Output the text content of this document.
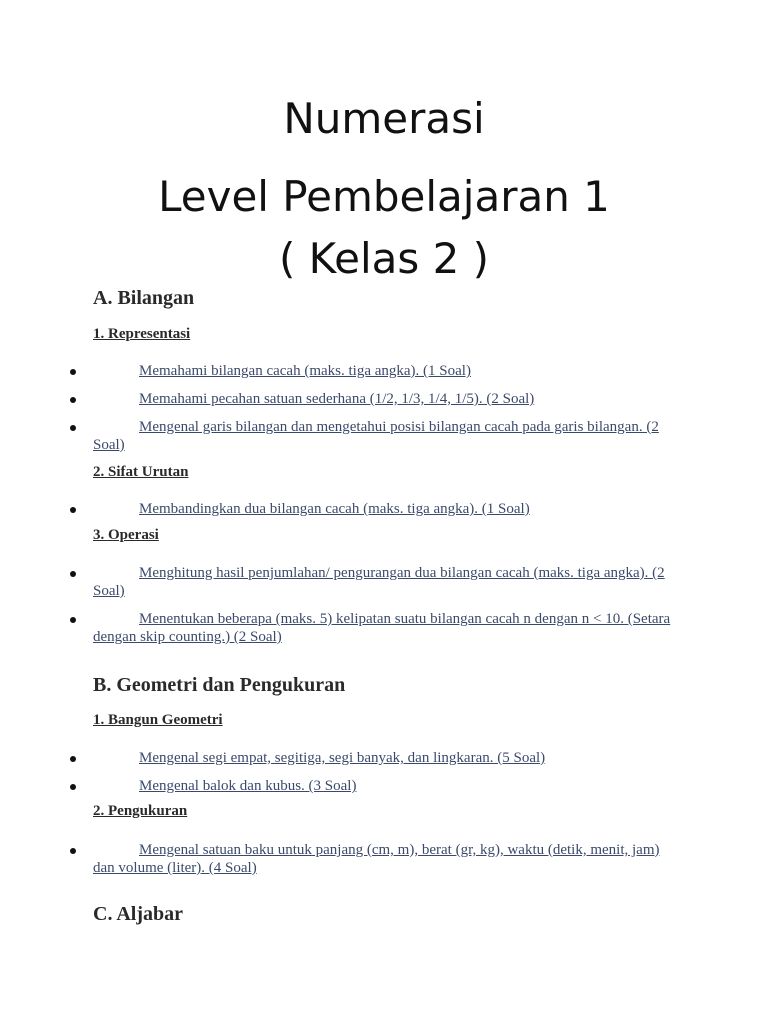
Numerasi
Level Pembelajaran 1
( Kelas 2 )
A. Bilangan
1. Representasi

Memahami bilangan cacah (maks. tiga angka). (1 Soal)

Memahami pecahan satuan sederhana (1/2, 1/3, 1/4, 1/5). (2 Soal)

Mengenal garis bilangan dan mengetahui posisi bilangan cacah pada garis bilangan. (2 Soal)

2. Sifat Urutan

Membandingkan dua bilangan cacah (maks. tiga angka). (1 Soal)

3. Operasi

Menghitung hasil penjumlahan/ pengurangan dua bilangan cacah (maks. tiga angka). (2 Soal)

Menentukan beberapa (maks. 5) kelipatan suatu bilangan cacah n dengan n < 10. (Setara dengan skip counting.) (2 Soal)

B. Geometri dan Pengukuran
1. Bangun Geometri

Mengenal segi empat, segitiga, segi banyak, dan lingkaran. (5 Soal)

Mengenal balok dan kubus. (3 Soal)

2. Pengukuran

Mengenal satuan baku untuk panjang (cm, m), berat (gr, kg), waktu (detik, menit, jam) dan volume (liter). (4 Soal)

C. Aljabar
